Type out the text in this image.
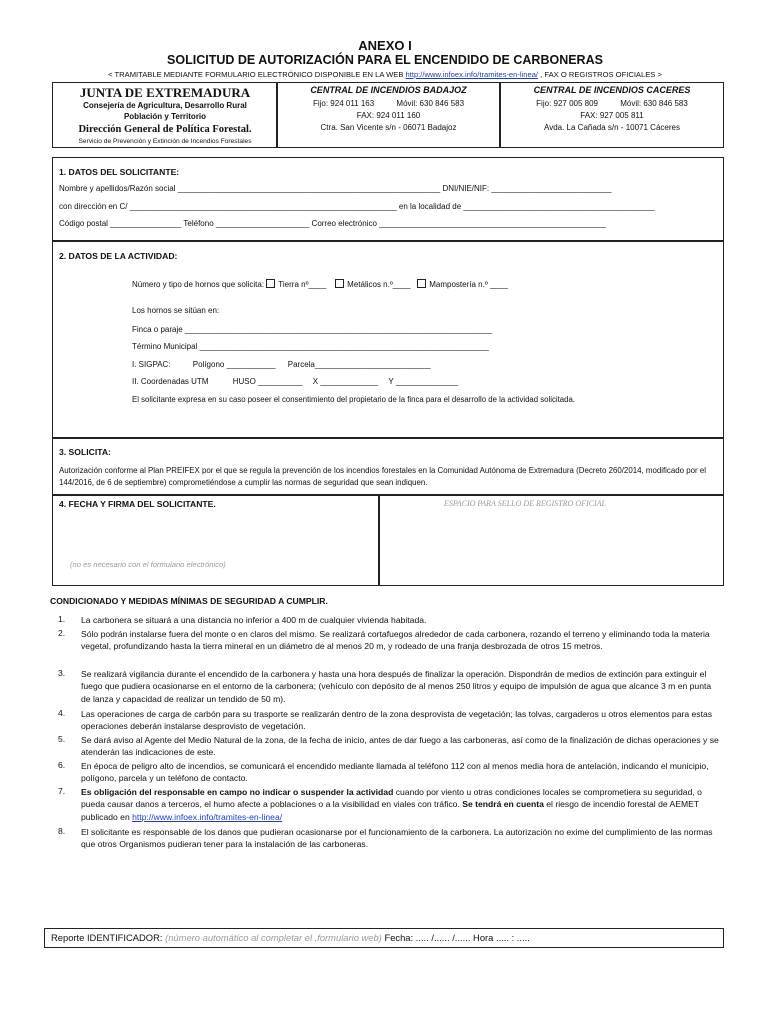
ANEXO I
SOLICITUD DE AUTORIZACIÓN PARA EL ENCENDIDO DE CARBONERAS
< TRAMITABLE MEDIANTE FORMULARIO ELECTRÓNICO DISPONIBLE EN LA WEB http://www.infoex.info/tramites-en-linea/ , FAX O REGISTROS OFICIALES >
JUNTA DE EXTREMADURA
Consejería de Agricultura, Desarrollo Rural
Población y Territorio
Dirección General de Política Forestal.
Servicio de Prevención y Extinción de Incendios Forestales
CENTRAL DE INCENDIOS BADAJOZ
Fijo: 924 011 163          Móvil: 630 846 583
FAX: 924 011 160
Ctra. San Vicente s/n - 06071 Badajoz
CENTRAL DE INCENDIOS CACERES
Fijo: 927 005 809          Móvil: 630 846 583
FAX: 927 005 811
Avda. La Cañada s/n - 10071 Cáceres
1. DATOS DEL SOLICITANTE:
Nombre y apellidos/Razón social ___________________________________________________________ DNI/NIE/NIF: ___________________________
con dirección en C/ ____________________________________________________________ en la localidad de ___________________________________________
Código postal ________________ Teléfono _____________________ Correo electrónico ___________________________________________________
2. DATOS DE LA ACTIVIDAD:
Número y tipo de hornos que solicita: Tierra nº____	Metálicos n.º____ Mampostería n.º ____
Los hornos se sitúan en:
Finca o paraje _____________________________________________________________________
Término Municipal _________________________________________________________________
I. SIGPAC:	Polígono ___________ Parcela__________________________
II. Coordenadas UTM	HUSO __________ X _____________ Y ______________
El solicitante expresa en su caso poseer el consentimiento del propietario de la finca para el desarrollo de la actividad solicitada.
3. SOLICITA:
Autorización conforme al Plan PREIFEX por el que se regula la prevención de los incendios forestales en la Comunidad Autónoma de Extremadura (Decreto 260/2014, modificado por el 144/2016, de 6 de septiembre) comprometiéndose a cumplir las normas de seguridad que sean indiquen.
4. FECHA Y FIRMA DEL SOLICITANTE.	ESPACIO PARA SELLO DE REGISTRO OFICIAL
(no es necesario con el formulario electrónico)
CONDICIONADO Y MEDIDAS MÍNIMAS DE SEGURIDAD A CUMPLIR.
1. La carbonera se situará a una distancia no inferior a 400 m de cualquier vivienda habitada.
2. Sólo podrán instalarse fuera del monte o en claros del mismo. Se realizará cortafuegos alrededor de cada carbonera, rozando el terreno y eliminando toda la materia vegetal, profundizando hasta la tierra mineral en un diámetro de al menos 20 m, y rodeado de una franja desbrozada de otros 15 metros.
3. Se realizará vigilancia durante el encendido de la carbonera y hasta una hora después de finalizar la operación. Dispondrán de medios de extinción para extinguir el fuego que pudiera ocasionarse en el entorno de la carbonera; (vehículo con depósito de al menos 250 litros y equipo de impulsión de agua que alcance 3 m en punta de lanza y capacidad de realizar un tendido de 50 m).
4. Las operaciones de carga de carbón para su trasporte se realizarán dentro de la zona desprovista de vegetación; las tolvas, cargaderos u otros elementos para estas operaciones deberán instalarse desprovisto de vegetación.
5. Se dará aviso al Agente del Medio Natural de la zona, de la fecha de inicio, antes de dar fuego a las carboneras, así como de la finalización de dichas operaciones y se atenderán las indicaciones de este.
6. En época de peligro alto de incendios, se comunicará el encendido mediante llamada al teléfono 112 con al menos media hora de antelación, indicando el municipio, polígono, parcela y un teléfono de contacto.
7. Es obligación del responsable en campo no indicar o suspender la actividad cuando por viento u otras condiciones locales se comprometiera su seguridad, o pueda causar danos a terceros, el humo afecte a poblaciones o a la visibilidad en viales con tráfico. Se tendrá en cuenta el riesgo de incendio forestal de AEMET publicado en http://www.infoex.info/tramites-en-linea/
8. El solicitante es responsable de los danos que pudieran ocasionarse por el funcionamiento de la carbonera. La autorización no exime del cumplimiento de las normas que otros Organismos pudieran tener para la instalación de las carboneras.
Reporte IDENTIFICADOR: (número automático al completar el .formulario web) Fecha: ..... /...... /...... Hora ..... : .....
